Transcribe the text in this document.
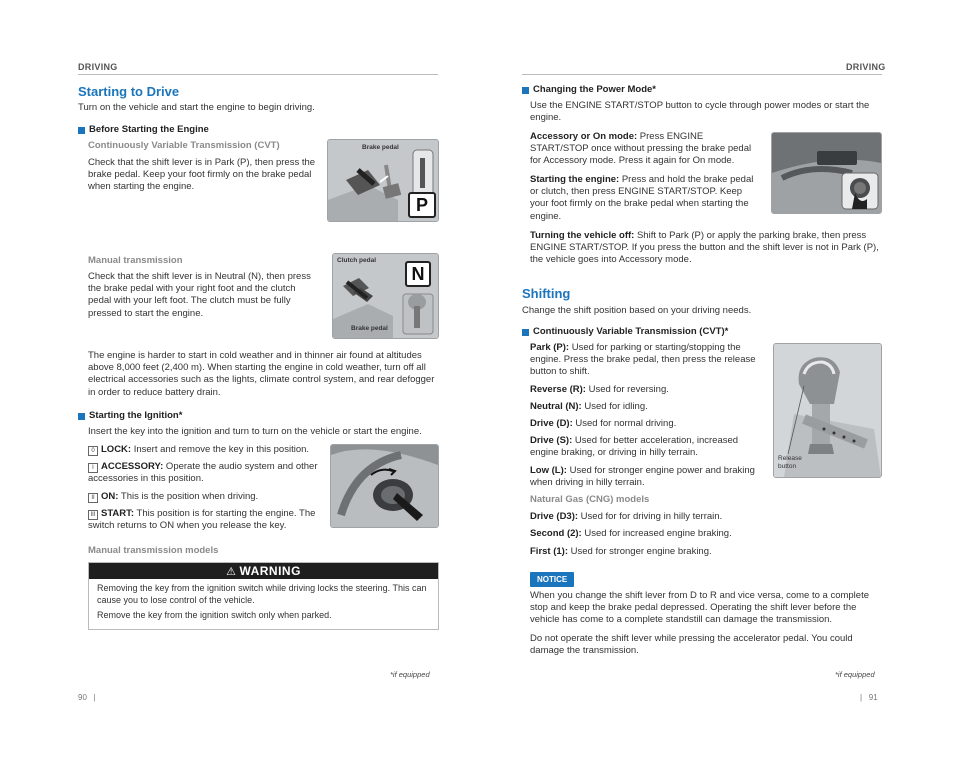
DRIVING	DRIVING
Starting to Drive
Turn on the vehicle and start the engine to begin driving.
Before Starting the Engine
Continuously Variable Transmission (CVT)

Check that the shift lever is in Park (P), then press the brake pedal. Keep your foot firmly on the brake pedal when starting the engine.

Brake pedal
P
Manual transmission

Check that the shift lever is in Neutral (N), then press the brake pedal with your right foot and the clutch pedal with your left foot. The clutch must be fully pressed to start the engine.

Clutch pedal
Brake pedal
N

The engine is harder to start in cold weather and in thinner air found at altitudes above 8,000 feet (2,400 m). When starting the engine in cold weather, turn off all electrical accessories such as the lights, climate control system, and rear defogger in order to reduce battery drain.

Starting the Ignition*

Insert the key into the ignition and turn to turn on the vehicle or start the engine.

0 LOCK: Insert and remove the key in this position.

I ACCESSORY: Operate the audio system and other accessories in this position.

II ON: This is the position when driving.

III START: This position is for starting the engine. The switch returns to ON when you release the key.

Manual transmission models
⚠ WARNING

Removing the key from the ignition switch while driving locks the steering. This can cause you to lose control of the vehicle.

Remove the key from the ignition switch only when parked.

*if equipped
90   |
Changing the Power Mode*

Use the ENGINE START/STOP button to cycle through power modes or start the engine.

Accessory or On mode: Press ENGINE START/STOP once without pressing the brake pedal for Accessory mode. Press it again for On mode.

Starting the engine: Press and hold the brake pedal or clutch, then press ENGINE START/STOP. Keep your foot firmly on the brake pedal when starting the engine.

Turning the vehicle off: Shift to Park (P) or apply the parking brake, then press ENGINE START/STOP. If you press the button and the shift lever is not in Park (P), the vehicle goes into Accessory mode.

Shifting

Change the shift position based on your driving needs.

Continuously Variable Transmission (CVT)*

Park (P): Used for parking or starting/stopping the engine. Press the brake pedal, then press the release button to shift.

Reverse (R): Used for reversing.

Neutral (N): Used for idling.

Drive (D): Used for normal driving.

Drive (S): Used for better acceleration, increased engine braking, or driving in hilly terrain.

Low (L): Used for stronger engine power and braking when driving in hilly terrain.

Natural Gas (CNG) models

Drive (D3): Used for for driving in hilly terrain.

Second (2): Used for increased engine braking.

First (1): Used for stronger engine braking.

Release button
NOTICE

When you change the shift lever from D to R and vice versa, come to a complete stop and keep the brake pedal depressed. Operating the shift lever before the vehicle has come to a complete standstill can damage the transmission.

Do not operate the shift lever while pressing the accelerator pedal. You could damage the transmission.

*if equipped
|   91
